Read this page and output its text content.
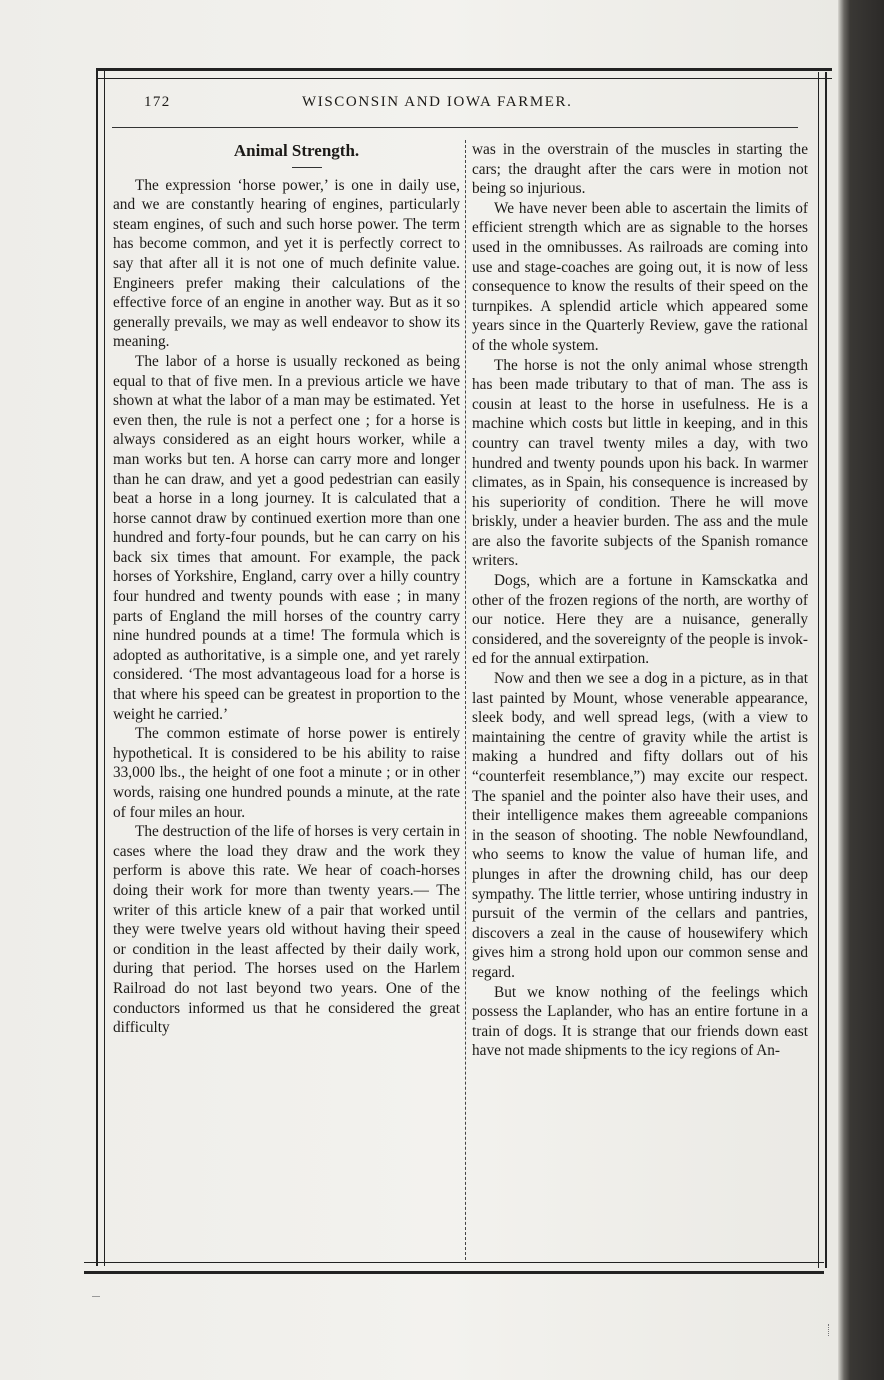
172	WISCONSIN AND IOWA FARMER.
Animal Strength.

The expression ‘horse power,’ is one in daily use, and we are constantly hearing of engines, particularly steam engines, of such and such horse power. The term has become common, and yet it is perfectly correct to say that after all it is not one of much definite value. Engineers prefer making their calculations of the effective force of an engine in another way. But as it so generally prevails, we may as well endeavor to show its meaning.

The labor of a horse is usually reckoned as being equal to that of five men. In a previous article we have shown at what the labor of a man may be estimated. Yet even then, the rule is not a perfect one ; for a horse is always considered as an eight hours worker, while a man works but ten. A horse can carry more and longer than he can draw, and yet a good pedestrian can easily beat a horse in a long journey. It is calculated that a horse cannot draw by continued exertion more than one hundred and forty-four pounds, but he can carry on his back six times that amount. For example, the pack horses of Yorkshire, England, carry over a hilly country four hundred and twenty pounds with ease ; in many parts of England the mill horses of the country carry nine hundred pounds at a time! The formula which is adopted as authoritative, is a simple one, and yet rarely considered. ‘The most advantageous load for a horse is that where his speed can be greatest in proportion to the weight he carried.’

The common estimate of horse power is entirely hypothetical. It is considered to be his ability to raise 33,000 lbs., the height of one foot a minute ; or in other words, raising one hundred pounds a minute, at the rate of four miles an hour.

The destruction of the life of horses is very certain in cases where the load they draw and the work they perform is above this rate. We hear of coach-horses doing their work for more than twenty years.— The writer of this article knew of a pair that worked until they were twelve years old without having their speed or condition in the least affected by their daily work, during that period. The horses used on the Harlem Railroad do not last beyond two years. One of the conductors informed us that he considered the great difficulty

was in the overstrain of the muscles in starting the cars; the draught after the cars were in motion not being so injurious.

We have never been able to ascertain the limits of efficient strength which are as signable to the horses used in the omnibusses. As railroads are coming into use and stage-coaches are going out, it is now of less consequence to know the results of their speed on the turnpikes. A splendid article which appeared some years since in the Quarterly Review, gave the rational of the whole system.

The horse is not the only animal whose strength has been made tributary to that of man. The ass is cousin at least to the horse in usefulness. He is a machine which costs but little in keeping, and in this country can travel twenty miles a day, with two hundred and twenty pounds upon his back. In warmer climates, as in Spain, his consequence is increased by his superiority of condition. There he will move briskly, under a heavier burden. The ass and the mule are also the favorite subjects of the Spanish romance writers.

Dogs, which are a fortune in Kamsckatka and other of the frozen regions of the north, are worthy of our notice. Here they are a nuisance, generally considered, and the sovereignty of the people is invoked for the annual extirpation.

Now and then we see a dog in a picture, as in that last painted by Mount, whose venerable appearance, sleek body, and well spread legs, (with a view to maintaining the centre of gravity while the artist is making a hundred and fifty dollars out of his “counterfeit resemblance,”) may excite our respect. The spaniel and the pointer also have their uses, and their intelligence makes them agreeable companions in the season of shooting. The noble Newfoundland, who seems to know the value of human life, and plunges in after the drowning child, has our deep sympathy. The little terrier, whose untiring industry in pursuit of the vermin of the cellars and pantries, discovers a zeal in the cause of housewifery which gives him a strong hold upon our common sense and regard.

But we know nothing of the feelings which possess the Laplander, who has an entire fortune in a train of dogs. It is strange that our friends down east have not made shipments to the icy regions of An-
